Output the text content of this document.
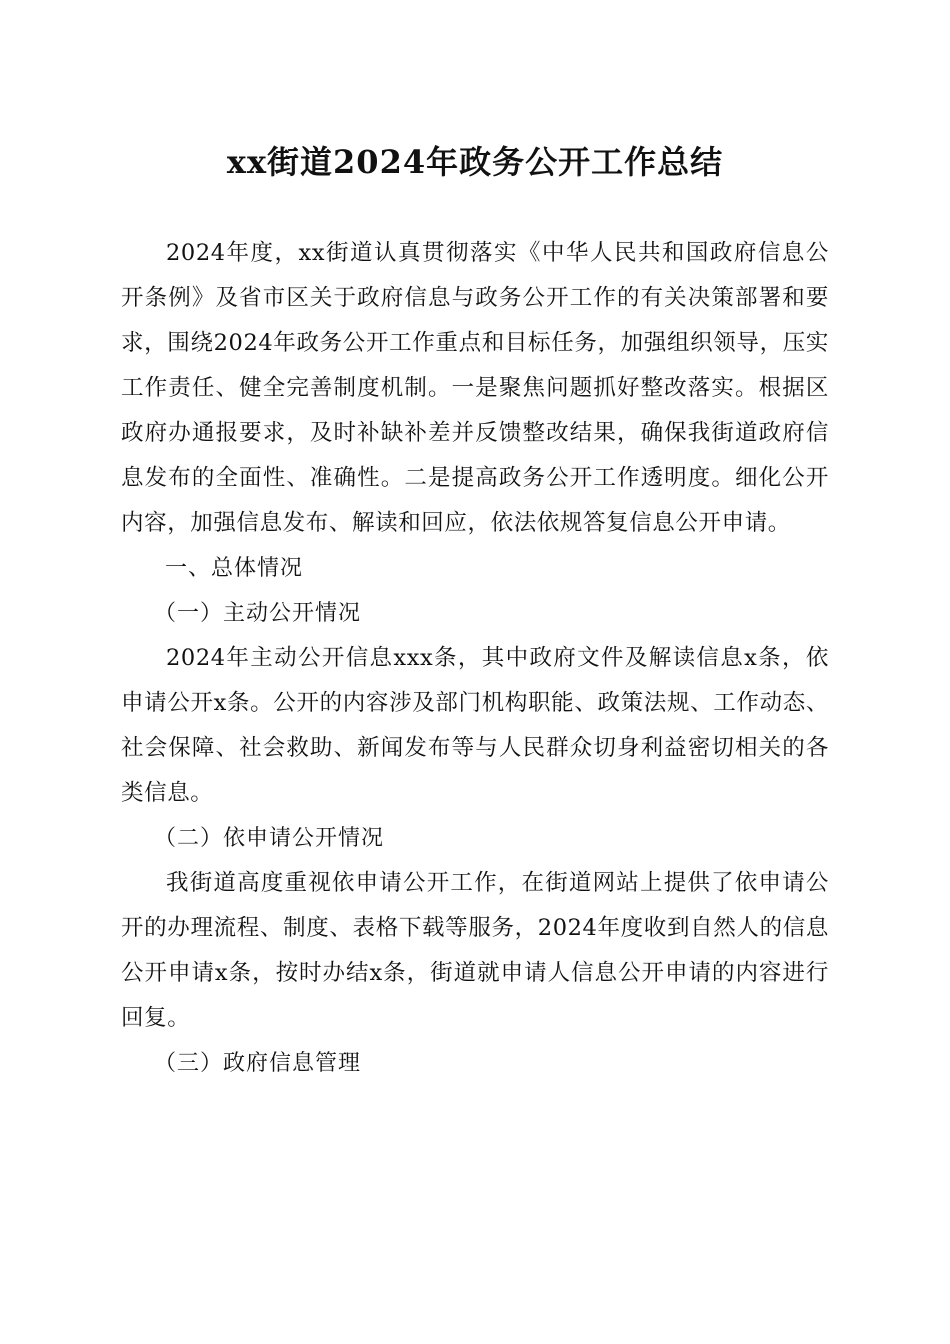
xx街道2024年政务公开工作总结

2024年度，xx街道认真贯彻落实《中华人民共和国政府信息公开条例》及省市区关于政府信息与政务公开工作的有关决策部署和要求，围绕2024年政务公开工作重点和目标任务，加强组织领导，压实工作责任、健全完善制度机制。一是聚焦问题抓好整改落实。根据区政府办通报要求，及时补缺补差并反馈整改结果，确保我街道政府信息发布的全面性、准确性。二是提高政务公开工作透明度。细化公开内容，加强信息发布、解读和回应，依法依规答复信息公开申请。

一、总体情况

（一）主动公开情况

2024年主动公开信息xxx条，其中政府文件及解读信息x条，依申请公开x条。公开的内容涉及部门机构职能、政策法规、工作动态、社会保障、社会救助、新闻发布等与人民群众切身利益密切相关的各类信息。

（二）依申请公开情况

我街道高度重视依申请公开工作，在街道网站上提供了依申请公开的办理流程、制度、表格下载等服务，2024年度收到自然人的信息公开申请x条，按时办结x条，街道就申请人信息公开申请的内容进行回复。

（三）政府信息管理
